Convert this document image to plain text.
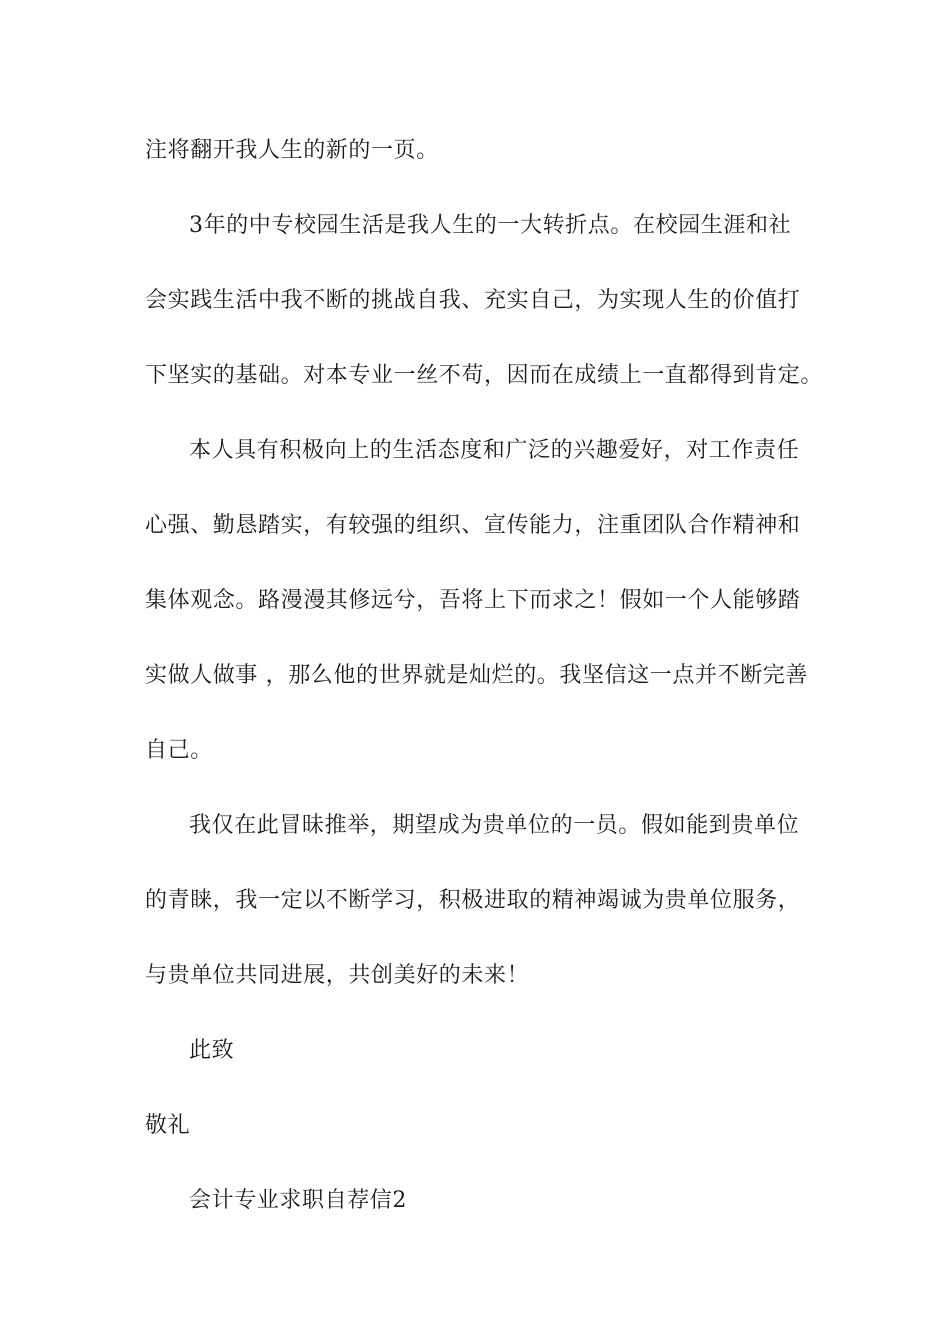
注将翻开我人生的新的一页。
3年的中专校园生活是我人生的一大转折点。在校园生涯和社
会实践生活中我不断的挑战自我、充实自己，为实现人生的价值打
下坚实的基础。对本专业一丝不苟，因而在成绩上一直都得到肯定。
本人具有积极向上的生活态度和广泛的兴趣爱好，对工作责任
心强、勤恳踏实，有较强的组织、宣传能力，注重团队合作精神和
集体观念。路漫漫其修远兮，吾将上下而求之！假如一个人能够踏
实做人做事 ，那么他的世界就是灿烂的。我坚信这一点并不断完善
自己。
我仅在此冒昧推举，期望成为贵单位的一员。假如能到贵单位
的青睐，我一定以不断学习，积极进取的精神竭诚为贵单位服务，
与贵单位共同进展，共创美好的未来！
此致
敬礼
会计专业求职自荐信2
